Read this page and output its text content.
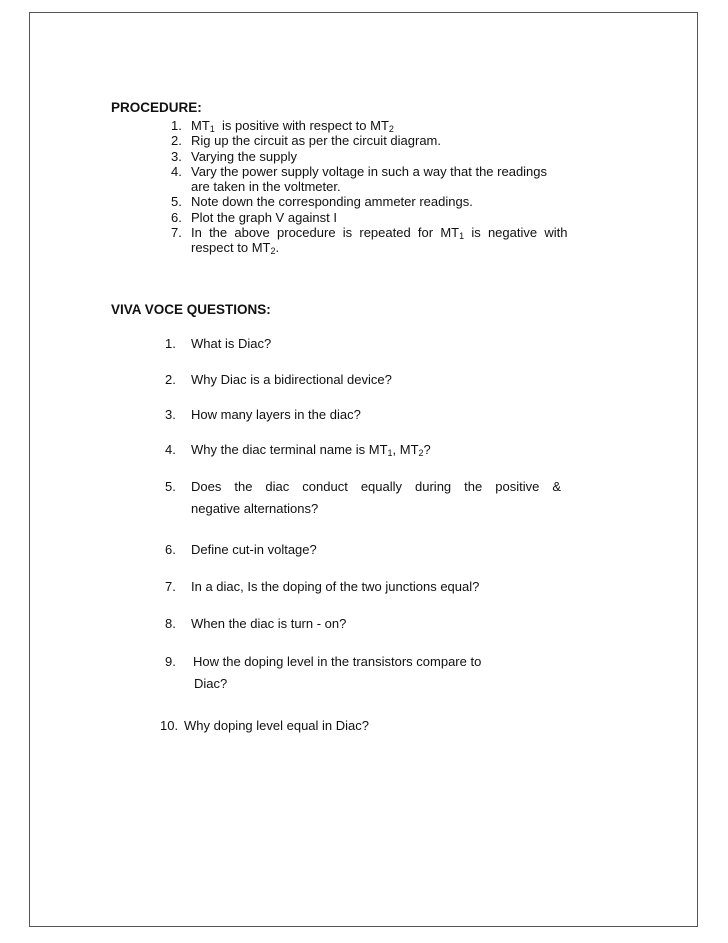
PROCEDURE:
1. $MT_1$  is positive with respect to $MT_2$
2. Rig up the circuit as per the circuit diagram.
3. Varying the supply
4. Vary the power supply voltage in such a way that the readings
are taken in the voltmeter.
5. Note down the corresponding ammeter readings.
6. Plot the graph V against I
7. In  the  above  procedure  is  repeated  for  $MT_1$  is  negative  with
respect to $MT_2$.
VIVA VOCE QUESTIONS:
1. What is Diac?
2. Why Diac is a bidirectional device?
3. How many layers in the diac?
4. Why the diac terminal name is $MT_1$, $MT_2$?
5. Does  the  diac  conduct  equally  during  the  positive  &
negative alternations?
6. Define cut-in voltage?
7. In a diac, Is the doping of the two junctions equal?
8. When the diac is turn - on?
9. How the doping level in the transistors compare to
Diac?
10. Why doping level equal in Diac?
